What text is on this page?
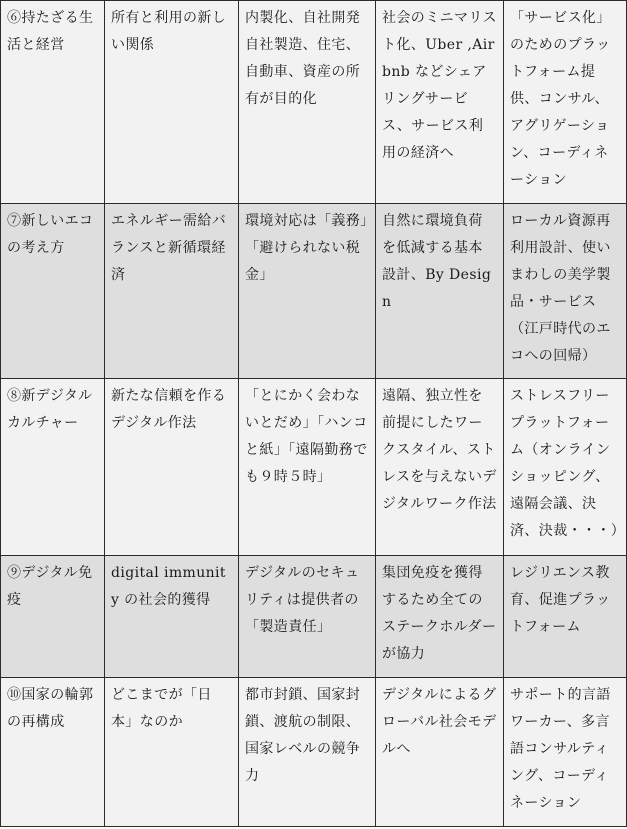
⑥持たざる生活と経営	所有と利用の新しい関係	内製化、自社開発自社製造、住宅、自動車、資産の所有が目的化	社会のミニマリスト化、Uber ,Airbnb などシェアリングサービス、サービス利用の経済へ	「サービス化」のためのプラットフォーム提供、コンサル、アグリゲーション、コーディネーション
⑦新しいエコの考え方	エネルギー需給バランスと新循環経済	環境対応は「義務」「避けられない税金」	自然に環境負荷を低減する基本設計、By Design	ローカル資源再利用設計、使いまわしの美学製品・サービス（江戸時代のエコへの回帰）
⑧新デジタルカルチャー	新たな信頼を作るデジタル作法	「とにかく会わないとだめ」「ハンコと紙」「遠隔勤務でも９時５時」	遠隔、独立性を前提にしたワークスタイル、ストレスを与えないデジタルワーク作法	ストレスフリープラットフォーム（オンラインショッピング、遠隔会議、決済、決裁・・・）
⑨デジタル免疫	digital immunity の社会的獲得	デジタルのセキュリティは提供者の「製造責任」	集団免疫を獲得するため全てのステークホルダーが協力	レジリエンス教育、促進プラットフォーム
⑩国家の輪郭の再構成	どこまでが「日本」なのか	都市封鎖、国家封鎖、渡航の制限、国家レベルの競争力	デジタルによるグローバル社会モデルへ	サポート的言語ワーカー、多言語コンサルティング、コーディネーション
